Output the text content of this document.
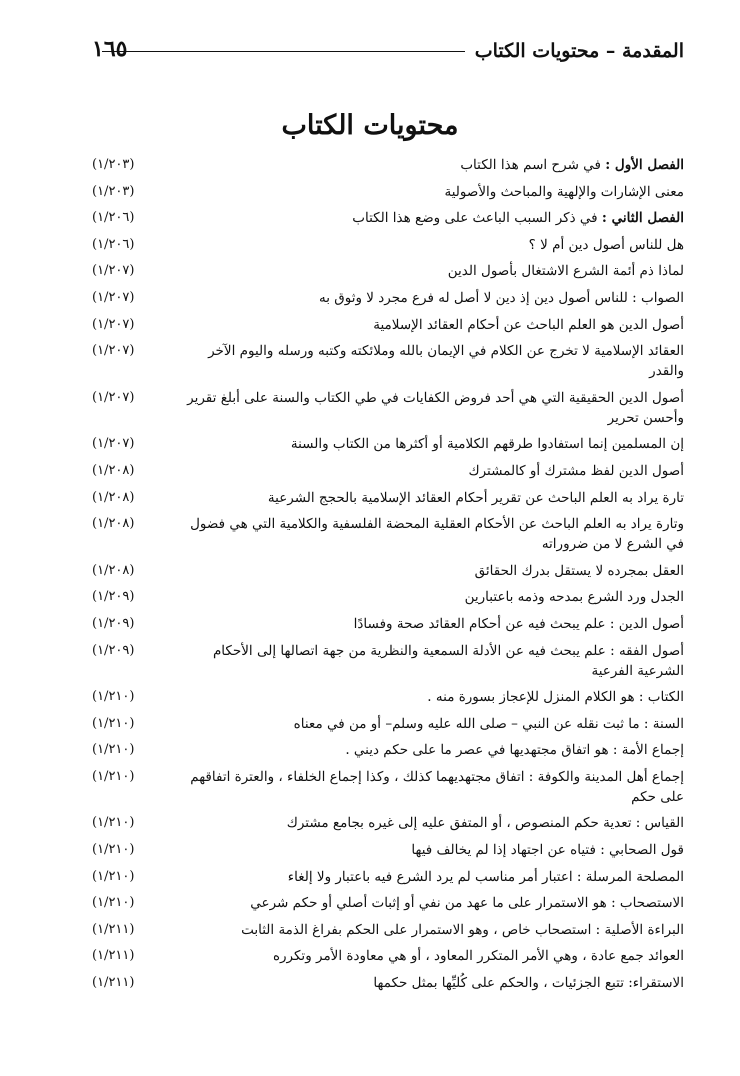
المقدمة – محتويات الكتاب
١٦٥
محتويات الكتاب
الفصل الأول : في شرح اسم هذا الكتاب
(١/٢٠٣)
معنى الإشارات والإلهية والمباحث والأصولية
(١/٢٠٣)
الفصل الثاني : في ذكر السبب الباعث على وضع هذا الكتاب
(١/٢٠٦)
هل للناس أصول دين أم لا ؟
(١/٢٠٦)
لماذا ذم أئمة الشرع الاشتغال بأصول الدين
(١/٢٠٧)
الصواب : للناس أصول دين إذ دين لا أصل له فرع مجرد لا وثوق به
(١/٢٠٧)
أصول الدين هو العلم الباحث عن أحكام العقائد الإسلامية
(١/٢٠٧)
العقائد الإسلامية لا تخرج عن الكلام في الإيمان بالله وملائكته وكتبه ورسله واليوم الآخر والقدر
(١/٢٠٧)
أصول الدين الحقيقية التي هي أحد فروض الكفايات في طي الكتاب والسنة على أبلغ تقرير وأحسن تحرير
(١/٢٠٧)
إن المسلمين إنما استفادوا طرقهم الكلامية أو أكثرها من الكتاب والسنة
(١/٢٠٧)
أصول الدين لفظ مشترك أو كالمشترك
(١/٢٠٨)
تارة يراد به العلم الباحث عن تقرير أحكام العقائد الإسلامية بالحجج الشرعية
(١/٢٠٨)
وتارة يراد به العلم الباحث عن الأحكام العقلية المحضة الفلسفية والكلامية التي هي فضول في الشرع لا من ضروراته
(١/٢٠٨)
العقل بمجرده لا يستقل بدرك الحقائق
(١/٢٠٨)
الجدل ورد الشرع بمدحه وذمه باعتبارين
(١/٢٠٩)
أصول الدين : علم يبحث فيه عن أحكام العقائد صحة وفسادًا
(١/٢٠٩)
أصول الفقه : علم يبحث فيه عن الأدلة السمعية والنظرية من جهة اتصالها إلى الأحكام الشرعية الفرعية
(١/٢٠٩)
الكتاب : هو الكلام المنزل للإعجاز بسورة منه .
(١/٢١٠)
السنة : ما ثبت نقله عن النبي – صلى الله عليه وسلم– أو من في معناه
(١/٢١٠)
إجماع الأمة : هو اتفاق مجتهديها في عصر ما على حكم ديني .
(١/٢١٠)
إجماع أهل المدينة والكوفة : اتفاق مجتهديهما كذلك ، وكذا إجماع الخلفاء ، والعترة اتفاقهم على حكم
(١/٢١٠)
القياس : تعدية حكم المنصوص ، أو المتفق عليه إلى غيره بجامع مشترك
(١/٢١٠)
قول الصحابي : فتياه عن اجتهاد إذا لم يخالف فيها
(١/٢١٠)
المصلحة المرسلة : اعتبار أمر مناسب لم يرد الشرع فيه باعتبار ولا إلغاء
(١/٢١٠)
الاستصحاب : هو الاستمرار على ما عهد من نفي أو إثبات أصلي أو حكم شرعي
(١/٢١٠)
البراءة الأصلية : استصحاب خاص ، وهو الاستمرار على الحكم بفراغ الذمة الثابت
(١/٢١١)
العوائد جمع عادة ، وهي الأمر المتكرر المعاود ، أو هي معاودة الأمر وتكرره
(١/٢١١)
الاستقراء: تتبع الجزئيات ، والحكم على كُليِّها بمثل حكمها
(١/٢١١)
